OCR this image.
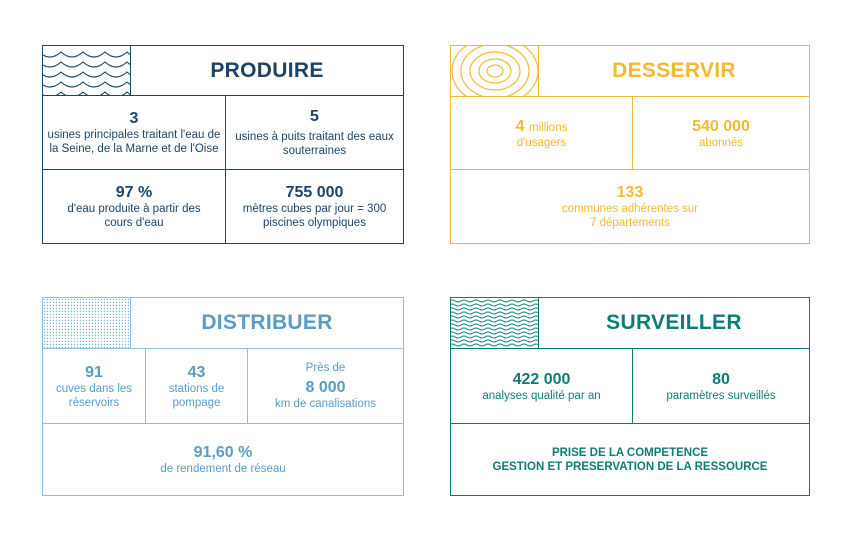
PRODUIRE
3
usines principales traitant l'eau de la Seine, de la Marne et de l'Oise
5
usines à puits traitant des eaux souterraines
97 %
d'eau produite à partir des cours d'eau
755 000
mètres cubes par jour = 300 piscines olympiques
DESSERVIR
4 millions
d'usagers
540 000
abonnés
133
communes adhérentes sur 7 départements
DISTRIBUER
91
cuves dans les réservoirs
43
stations de pompage
Près de
8 000
km de canalisations
91,60 %
de rendement de réseau
SURVEILLER
422 000
analyses qualité par an
80
paramètres surveillés
PRISE DE LA COMPETENCE
GESTION ET PRESERVATION DE LA RESSOURCE
